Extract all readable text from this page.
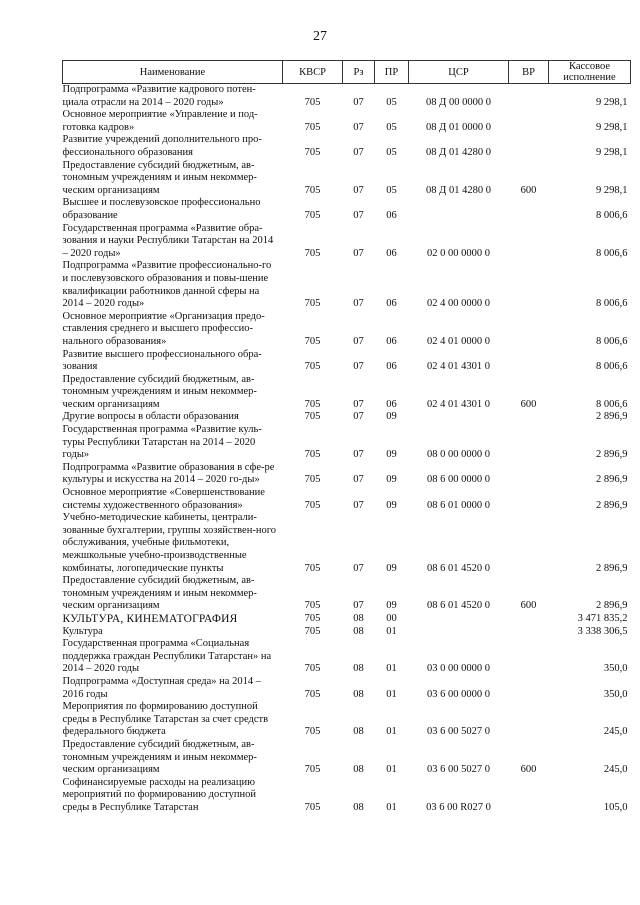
27
Наименование	КВСР	Рз	ПР	ЦСР	ВР	Кассовое исполнение
Подпрограмма «Развитие кадрового потен-циала отрасли на 2014 – 2020 годы»	705	07	05	08 Д 00 0000 0		9 298,1
Основное мероприятие «Управление и под-готовка кадров»	705	07	05	08 Д 01 0000 0		9 298,1
Развитие учреждений дополнительного про-фессионального образования	705	07	05	08 Д 01 4280 0		9 298,1
Предоставление субсидий бюджетным, ав-тономным учреждениям и иным некоммер-ческим организациям	705	07	05	08 Д 01 4280 0	600	9 298,1
Высшее и послевузовское профессионально образование	705	07	06			8 006,6
Государственная программа «Развитие обра-зования и науки Республики Татарстан на 2014 – 2020 годы»	705	07	06	02 0 00 0000 0		8 006,6
Подпрограмма «Развитие профессионально-го и послевузовского образования и повы-шение квалификации работников данной сферы на 2014 – 2020 годы»	705	07	06	02 4 00 0000 0		8 006,6
Основное мероприятие «Организация предо-ставления среднего и высшего профессио-нального образования»	705	07	06	02 4 01 0000 0		8 006,6
Развитие высшего профессионального обра-зования	705	07	06	02 4 01 4301 0		8 006,6
Предоставление субсидий бюджетным, ав-тономным учреждениям и иным некоммер-ческим организациям	705	07	06	02 4 01 4301 0	600	8 006,6
Другие вопросы в области образования	705	07	09			2 896,9
Государственная программа «Развитие куль-туры Республики Татарстан на 2014 – 2020 годы»	705	07	09	08 0 00 0000 0		2 896,9
Подпрограмма «Развитие образования в сфе-ре культуры и искусства на 2014 – 2020 го-ды»	705	07	09	08 6 00 0000 0		2 896,9
Основное мероприятие «Совершенствование системы художественного образования»	705	07	09	08 6 01 0000 0		2 896,9
Учебно-методические кабинеты, централи-зованные бухгалтерии, группы хозяйствен-ного обслуживания, учебные фильмотеки, межшкольные учебно-производственные комбинаты, логопедические пункты	705	07	09	08 6 01 4520 0		2 896,9
Предоставление субсидий бюджетным, ав-тономным учреждениям и иным некоммер-ческим организациям	705	07	09	08 6 01 4520 0	600	2 896,9
КУЛЬТУРА, КИНЕМАТОГРАФИЯ	705	08	00			3 471 835,2
Культура	705	08	01			3 338 306,5
Государственная программа «Социальная поддержка граждан Республики Татарстан» на 2014 – 2020 годы	705	08	01	03 0 00 0000 0		350,0
Подпрограмма «Доступная среда» на 2014 – 2016 годы	705	08	01	03 6 00 0000 0		350,0
Мероприятия по формированию доступной среды в Республике Татарстан за счет средств федерального бюджета	705	08	01	03 6 00 5027 0		245,0
Предоставление субсидий бюджетным, ав-тономным учреждениям и иным некоммер-ческим организациям	705	08	01	03 6 00 5027 0	600	245,0
Софинансируемые расходы на реализацию мероприятий по формированию доступной среды в Республике Татарстан	705	08	01	03 6 00 R027 0		105,0
